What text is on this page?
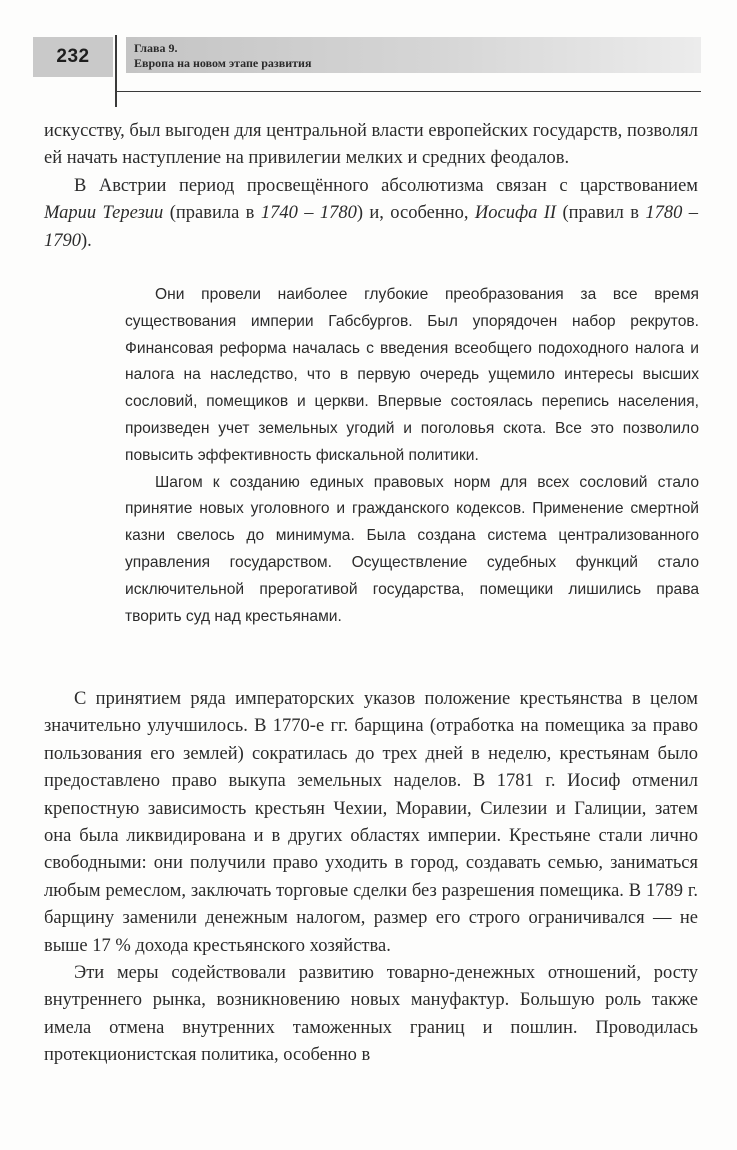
232	Глава 9.
Европа на новом этапе развития

искусству, был выгоден для центральной власти европейских государств, позволял ей начать наступление на привилегии мелких и средних феодалов.

В Австрии период просвещённого абсолютизма связан с царствованием Марии Терезии (правила в 1740 – 1780) и, особенно, Иосифа II (правил в 1780 – 1790).

Они провели наиболее глубокие преобразования за все время существования империи Габсбургов. Был упорядочен набор рекрутов. Финансовая реформа началась с введения всеобщего подоходного налога и налога на наследство, что в первую очередь ущемило интересы высших сословий, помещиков и церкви. Впервые состоялась перепись населения, произведен учет земельных угодий и поголовья скота. Все это позволило повысить эффективность фискальной политики.

Шагом к созданию единых правовых норм для всех сословий стало принятие новых уголовного и гражданского кодексов. Применение смертной казни свелось до минимума. Была создана система централизованного управления государством. Осуществление судебных функций стало исключительной прерогативой государства, помещики лишились права творить суд над крестьянами.

С принятием ряда императорских указов положение крестьянства в целом значительно улучшилось. В 1770-е гг. барщина (отработка на помещика за право пользования его землей) сократилась до трех дней в неделю, крестьянам было предоставлено право выкупа земельных наделов. В 1781 г. Иосиф отменил крепостную зависимость крестьян Чехии, Моравии, Силезии и Галиции, затем она была ликвидирована и в других областях империи. Крестьяне стали лично свободными: они получили право уходить в город, создавать семью, заниматься любым ремеслом, заключать торговые сделки без разрешения помещика. В 1789 г. барщину заменили денежным налогом, размер его строго ограничивался — не выше 17 % дохода крестьянского хозяйства.

Эти меры содействовали развитию товарно-денежных отношений, росту внутреннего рынка, возникновению новых мануфактур. Большую роль также имела отмена внутренних таможенных границ и пошлин. Проводилась протекционистская политика, особенно в
